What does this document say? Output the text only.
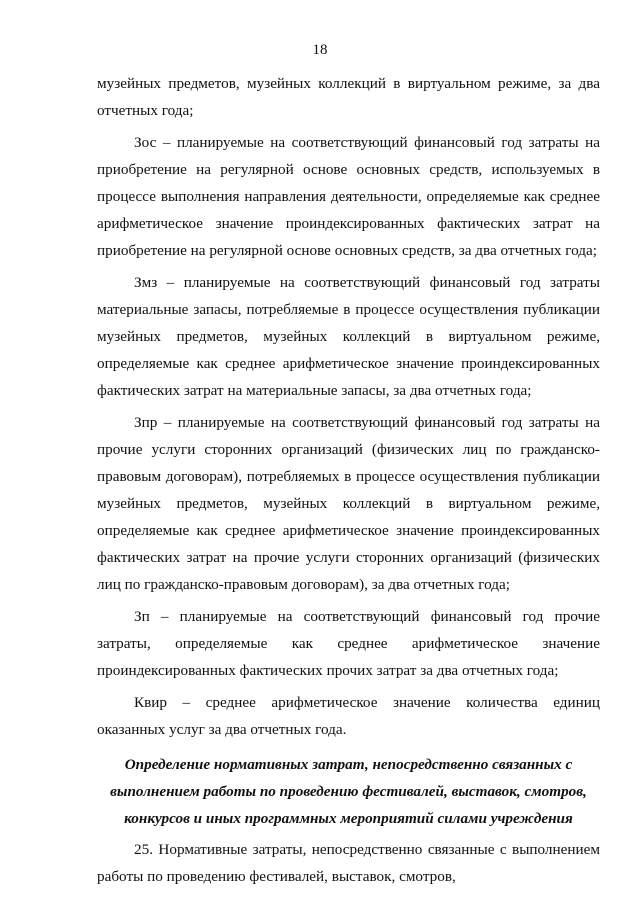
18

музейных предметов, музейных коллекций в виртуальном режиме, за два отчетных года;

Зос – планируемые на соответствующий финансовый год затраты на приобретение на регулярной основе основных средств, используемых в процессе выполнения направления деятельности, определяемые как среднее арифметическое значение проиндексированных фактических затрат на приобретение на регулярной основе основных средств, за два отчетных года;

Змз – планируемые на соответствующий финансовый год затраты материальные запасы, потребляемые в процессе осуществления публикации музейных предметов, музейных коллекций в виртуальном режиме, определяемые как среднее арифметическое значение проиндексированных фактических затрат на материальные запасы, за два отчетных года;

Зпр – планируемые на соответствующий финансовый год затраты на прочие услуги сторонних организаций (физических лиц по гражданско-правовым договорам), потребляемых в процессе осуществления публикации музейных предметов, музейных коллекций в виртуальном режиме, определяемые как среднее арифметическое значение проиндексированных фактических затрат на прочие услуги сторонних организаций (физических лиц по гражданско-правовым договорам), за два отчетных года;

Зп – планируемые на соответствующий финансовый год прочие затраты, определяемые как среднее арифметическое значение проиндексированных фактических прочих затрат за два отчетных года;

Квир – среднее арифметическое значение количества единиц оказанных услуг за два отчетных года.

Определение нормативных затрат, непосредственно связанных с выполнением работы по проведению фестивалей, выставок, смотров, конкурсов и иных программных мероприятий силами учреждения

25. Нормативные затраты, непосредственно связанные с выполнением работы по проведению фестивалей, выставок, смотров,
